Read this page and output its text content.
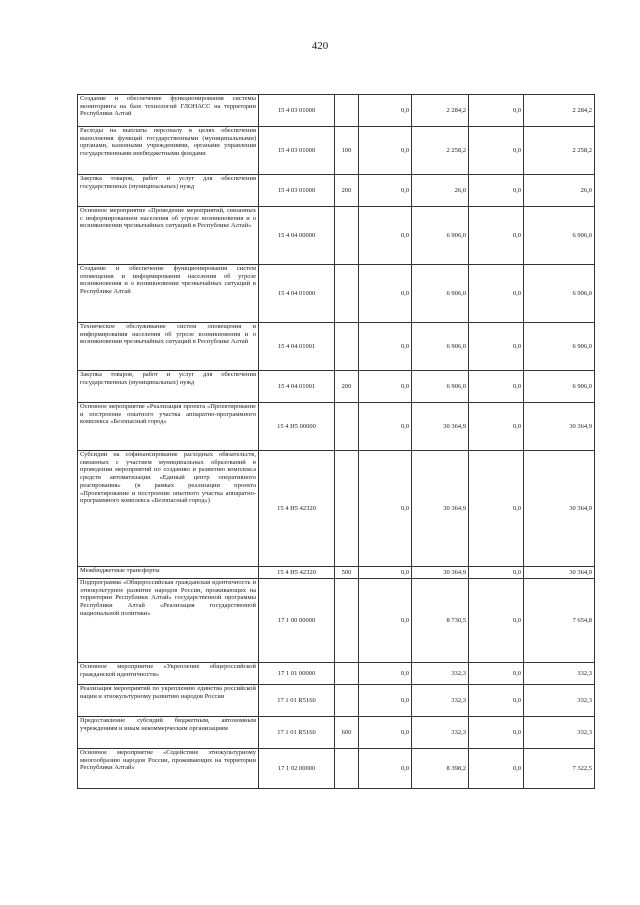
420
Создание и обеспечение функционирования системы мониторинга на базе технологий ГЛОНАСС на территории Республики Алтай	15 4 03 01000		0,0	2 284,2	0,0	2 284,2
Расходы на выплаты персоналу в целях обеспечения выполнения функций государственными (муниципальными) органами, казенными учреждениями, органами управления государственными внебюджетными фондами	15 4 03 01000	100	0,0	2 258,2	0,0	2 258,2
Закупка товаров, работ и услуг для обеспечения государственных (муниципальных) нужд	15 4 03 01000	200	0,0	26,0	0,0	26,0
Основное мероприятие «Проведение мероприятий, связанных с информированием населения об угрозе возникновения и о возникновении чрезвычайных ситуаций в Республике Алтай»	15 4 04 00000		0,0	6 906,0	0,0	6 906,0
Создание и обеспечение функционирования систем оповещения и информирования населения об угрозе возникновения и о возникновении чрезвычайных ситуаций в Республике Алтай	15 4 04 01000		0,0	6 906,0	0,0	6 906,0
Техническое обслуживание систем оповещения и информирования населения об угрозе возникновения и о возникновении чрезвычайных ситуаций в Республике Алтай	15 4 04 01001		0,0	6 906,0	0,0	6 906,0
Закупка товаров, работ и услуг для обеспечения государственных (муниципальных) нужд	15 4 04 01001	200	0,0	6 906,0	0,0	6 906,0
Основное мероприятие «Реализация проекта «Проектирование и построение опытного участка аппаратно-программного комплекса «Безопасный город»	15 4 H5 00000		0,0	30 364,9	0,0	30 364,9
Субсидии на софинансирование расходных обязательств, связанных с участием муниципальных образований в проведении мероприятий по созданию и развитию комплекса средств автоматизации «Единый центр оперативного реагирования» (в рамках реализации проекта «Проектирование и построение опытного участка аппаратно-программного комплекса «Безопасный город»)	15 4 H5 42320		0,0	30 364,9	0,0	30 364,9
Межбюджетные трансферты	15 4 H5 42320	500	0,0	30 364,9	0,0	30 364,9
Подпрограмма «Общероссийская гражданская идентичность и этнокультурное развитие народов России, проживающих на территории Республики Алтай» государственной программы Республики Алтай «Реализация государственной национальной политики»	17 1 00 00000		0,0	8 730,5	0,0	7 654,8
Основное мероприятие «Укрепление общероссийской гражданской идентичности»	17 1 01 00000		0,0	332,3	0,0	332,3
Реализация мероприятий по укреплению единства российской нации и этнокультурному развитию народов России	17 1 01 R5160		0,0	332,3	0,0	332,3
Предоставление субсидий бюджетным, автономным учреждениям и иным некоммерческим организациям	17 1 01 R5160	600	0,0	332,3	0,0	332,3
Основное мероприятие «Содействие этнокультурному многообразию народов России, проживающих на территории Республики Алтай»	17 1 02 00000		0,0	8 398,2	0,0	7 322,5
